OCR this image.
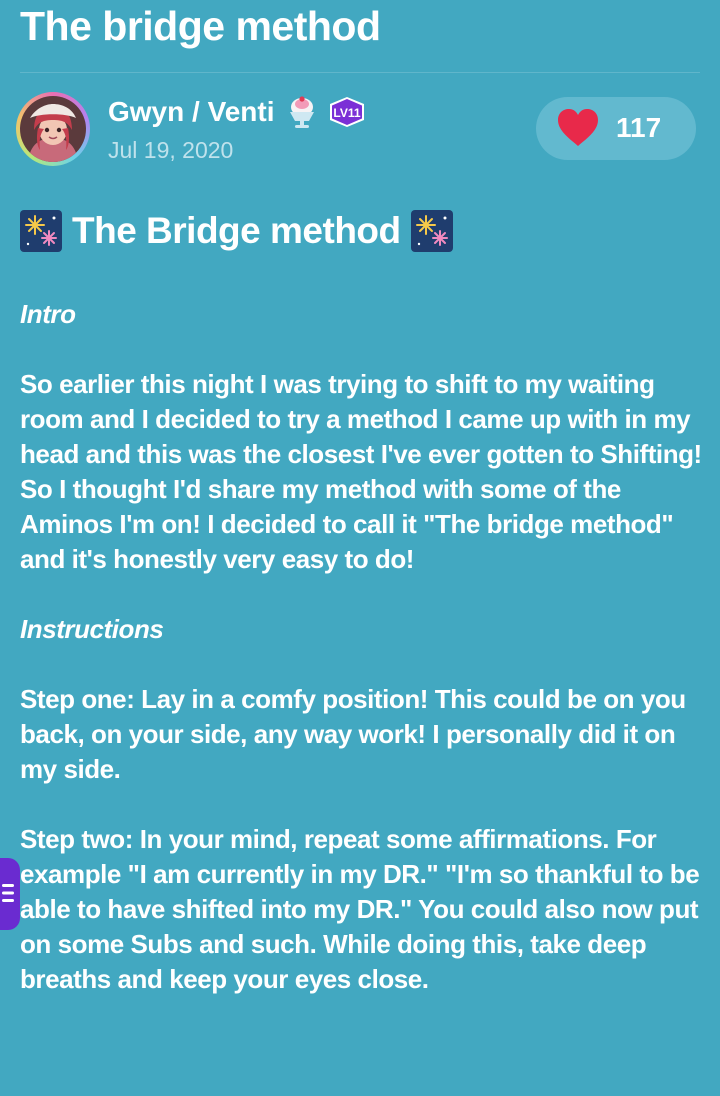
The bridge method
Gwyn / Venti	LV11
Jul 19, 2020
117
The Bridge method

Intro

So earlier this night I was trying to shift to my waiting room and I decided to try a method I came up with in my head and this was the closest I've ever gotten to Shifting! So I thought I'd share my method with some of the Aminos I'm on! I decided to call it "The bridge method" and it's honestly very easy to do!

Instructions

Step one: Lay in a comfy position! This could be on you back, on your side, any way work! I personally did it on my side.

Step two: In your mind, repeat some affirmations. For example "I am currently in my DR." "I'm so thankful to be able to have shifted into my DR." You could also now put on some Subs and such. While doing this, take deep breaths and keep your eyes close.
